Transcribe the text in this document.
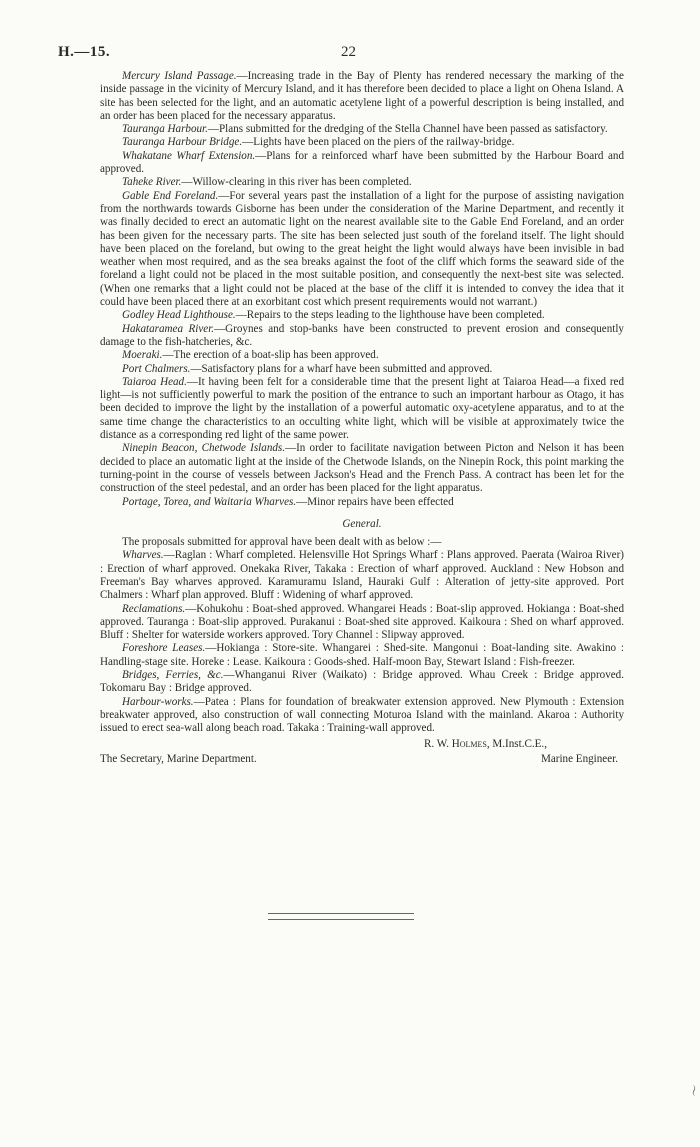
H.—15.	22

Mercury Island Passage.—Increasing trade in the Bay of Plenty has rendered necessary the marking of the inside passage in the vicinity of Mercury Island, and it has therefore been decided to place a light on Ohena Island. A site has been selected for the light, and an automatic acetylene light of a powerful description is being installed, and an order has been placed for the necessary apparatus.

Tauranga Harbour.—Plans submitted for the dredging of the Stella Channel have been passed as satisfactory.

Tauranga Harbour Bridge.—Lights have been placed on the piers of the railway-bridge.

Whakatane Wharf Extension.—Plans for a reinforced wharf have been submitted by the Harbour Board and approved.

Taheke River.—Willow-clearing in this river has been completed.

Gable End Foreland.—For several years past the installation of a light for the purpose of assisting navigation from the northwards towards Gisborne has been under the consideration of the Marine Department, and recently it was finally decided to erect an automatic light on the nearest available site to the Gable End Foreland, and an order has been given for the necessary parts. The site has been selected just south of the foreland itself. The light should have been placed on the foreland, but owing to the great height the light would always have been invisible in bad weather when most required, and as the sea breaks against the foot of the cliff which forms the seaward side of the foreland a light could not be placed in the most suitable position, and consequently the next-best site was selected. (When one remarks that a light could not be placed at the base of the cliff it is intended to convey the idea that it could have been placed there at an exorbitant cost which present requirements would not warrant.)

Godley Head Lighthouse.—Repairs to the steps leading to the lighthouse have been completed.

Hakataramea River.—Groynes and stop-banks have been constructed to prevent erosion and consequently damage to the fish-hatcheries, &c.

Moeraki.—The erection of a boat-slip has been approved.

Port Chalmers.—Satisfactory plans for a wharf have been submitted and approved.

Taiaroa Head.—It having been felt for a considerable time that the present light at Taiaroa Head—a fixed red light—is not sufficiently powerful to mark the position of the entrance to such an important harbour as Otago, it has been decided to improve the light by the installation of a powerful automatic oxy-acetylene apparatus, and to at the same time change the characteristics to an occulting white light, which will be visible at approximately twice the distance as a corresponding red light of the same power.

Ninepin Beacon, Chetwode Islands.—In order to facilitate navigation between Picton and Nelson it has been decided to place an automatic light at the inside of the Chetwode Islands, on the Ninepin Rock, this point marking the turning-point in the course of vessels between Jackson's Head and the French Pass. A contract has been let for the construction of the steel pedestal, and an order has been placed for the light apparatus.

Portage, Torea, and Waitaria Wharves.—Minor repairs have been effected

General.

The proposals submitted for approval have been dealt with as below :—

Wharves.—Raglan : Wharf completed. Helensville Hot Springs Wharf : Plans approved. Paerata (Wairoa River) : Erection of wharf approved. Onekaka River, Takaka : Erection of wharf approved. Auckland : New Hobson and Freeman's Bay wharves approved. Karamuramu Island, Hauraki Gulf : Alteration of jetty-site approved. Port Chalmers : Wharf plan approved. Bluff : Widening of wharf approved.

Reclamations.—Kohukohu : Boat-shed approved. Whangarei Heads : Boat-slip approved. Hokianga : Boat-shed approved. Tauranga : Boat-slip approved. Purakanui : Boat-shed site approved. Kaikoura : Shed on wharf approved. Bluff : Shelter for waterside workers approved. Tory Channel : Slipway approved.

Foreshore Leases.—Hokianga : Store-site. Whangarei : Shed-site. Mangonui : Boat-landing site. Awakino : Handling-stage site. Horeke : Lease. Kaikoura : Goods-shed. Half-moon Bay, Stewart Island : Fish-freezer.

Bridges, Ferries, &c.—Whanganui River (Waikato) : Bridge approved. Whau Creek : Bridge approved. Tokomaru Bay : Bridge approved.

Harbour-works.—Patea : Plans for foundation of breakwater extension approved. New Plymouth : Extension breakwater approved, also construction of wall connecting Moturoa Island with the mainland. Akaroa : Authority issued to erect sea-wall along beach road. Takaka : Training-wall approved.

R. W. Holmes, M.Inst.C.E.,
Marine Engineer.
The Secretary, Marine Department.
〜
